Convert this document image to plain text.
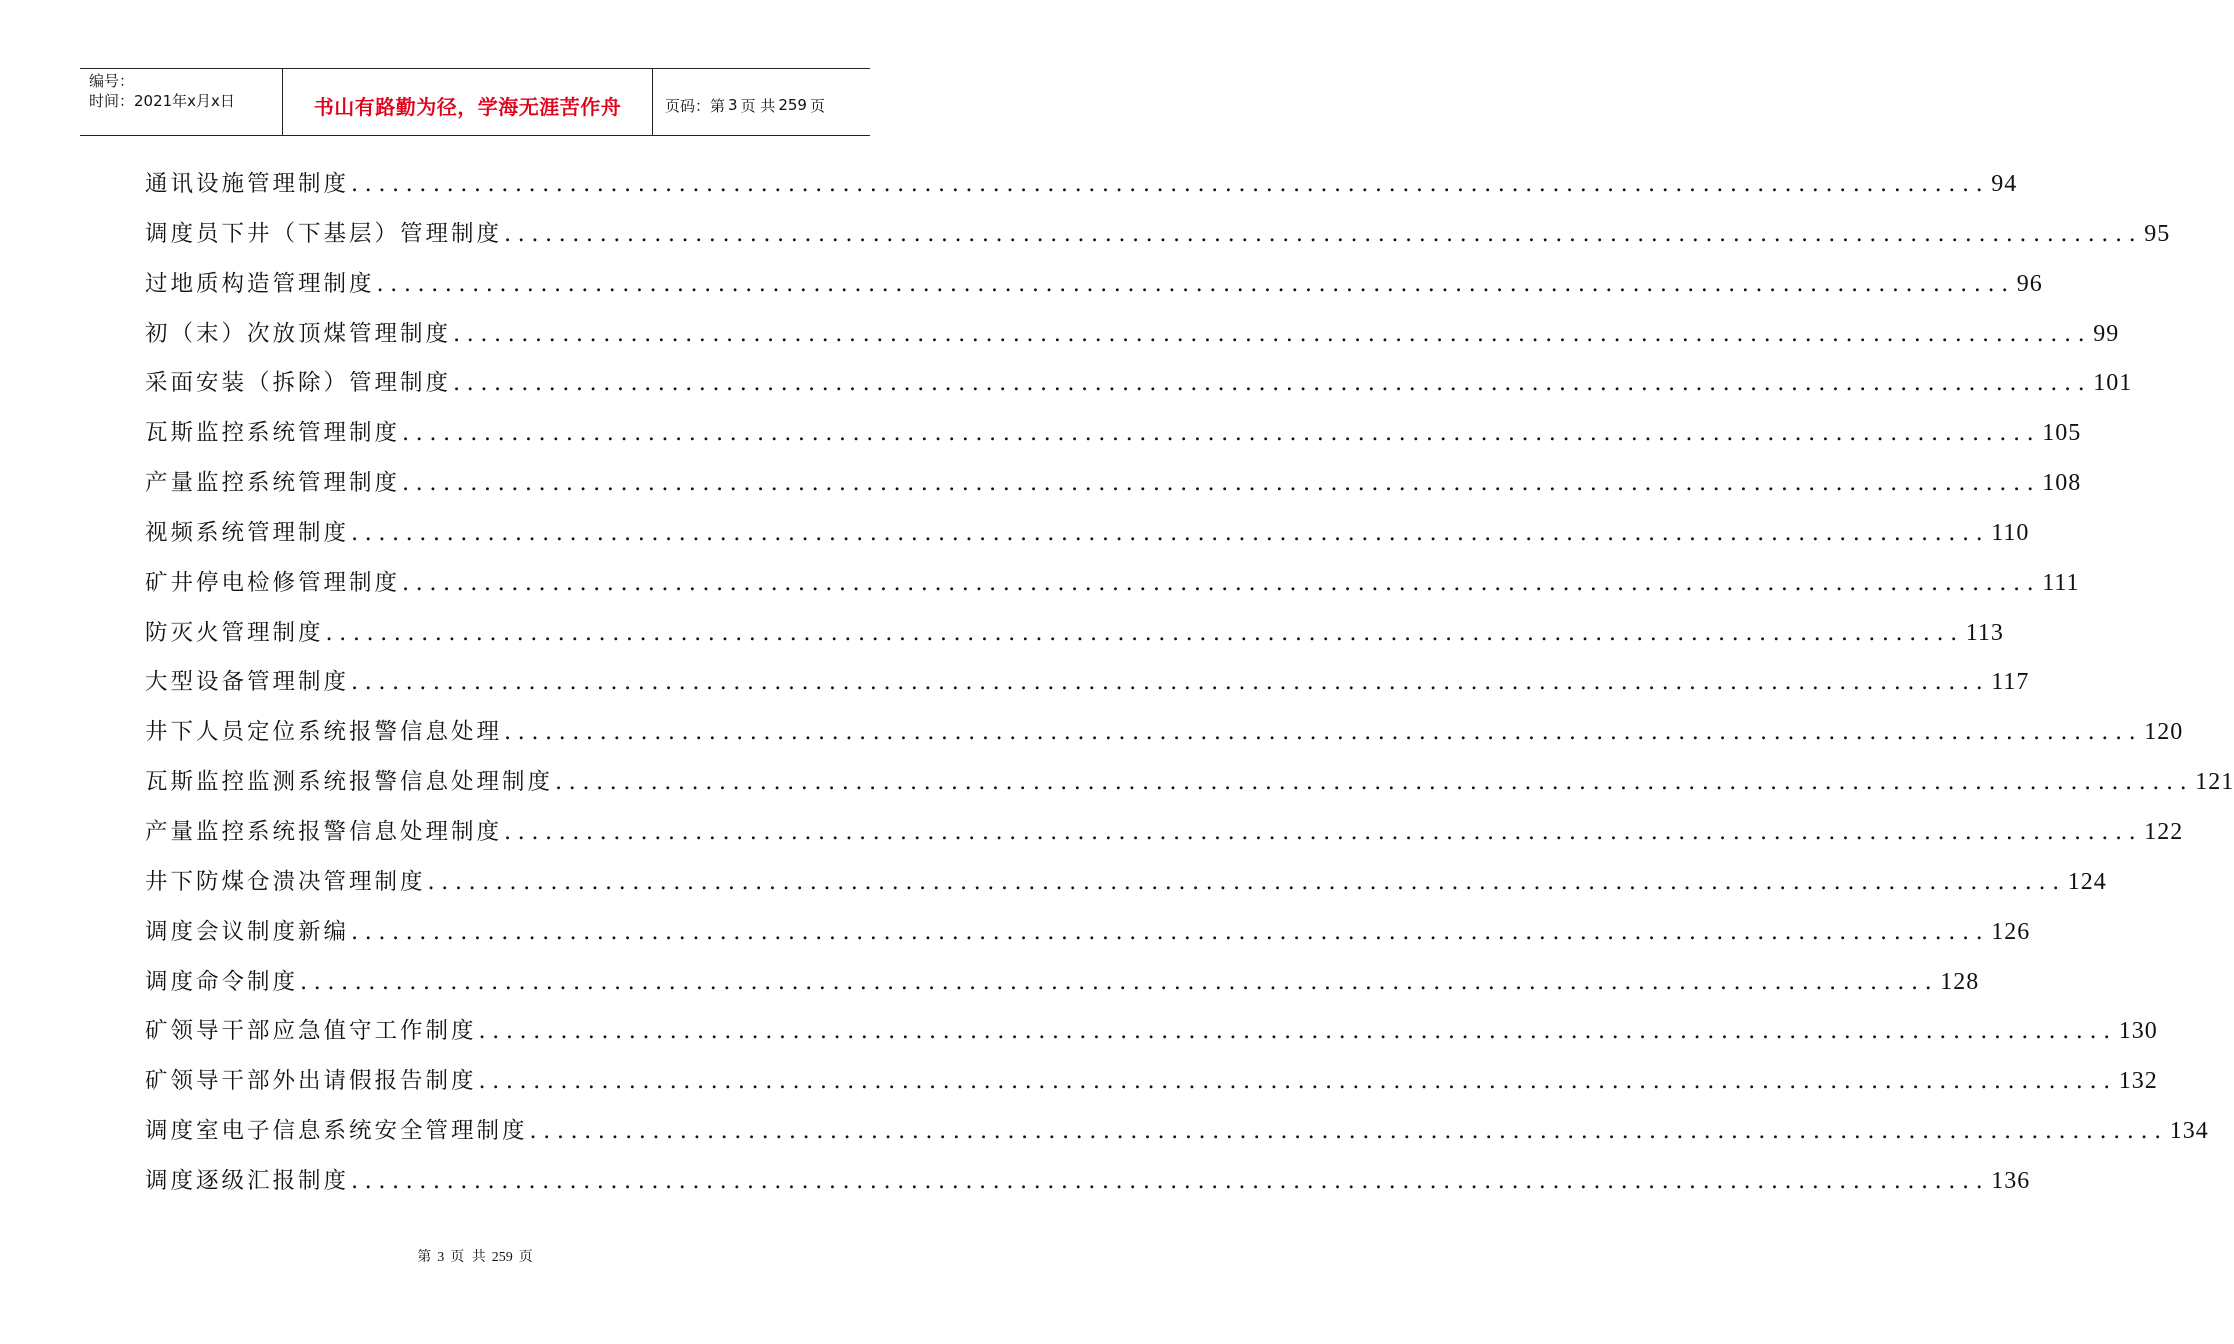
编号：
时间：2021年x月x日	书山有路勤为径，学海无涯苦作舟	页码：第 3 页 共 259 页
通讯设施管理制度 ........................................................................................................................ 94
调度员下井（下基层）管理制度 ........................................................................................................................ 95
过地质构造管理制度 ........................................................................................................................ 96
初（末）次放顶煤管理制度 ........................................................................................................................ 99
采面安装（拆除）管理制度 ........................................................................................................................ 101
瓦斯监控系统管理制度 ........................................................................................................................ 105
产量监控系统管理制度 ........................................................................................................................ 108
视频系统管理制度 ........................................................................................................................ 110
矿井停电检修管理制度 ........................................................................................................................ 111
防灭火管理制度 ........................................................................................................................ 113
大型设备管理制度 ........................................................................................................................ 117
井下人员定位系统报警信息处理 ........................................................................................................................ 120
瓦斯监控监测系统报警信息处理制度 ........................................................................................................................ 121
产量监控系统报警信息处理制度 ........................................................................................................................ 122
井下防煤仓溃决管理制度 ........................................................................................................................ 124
调度会议制度新编 ........................................................................................................................ 126
调度命令制度 ........................................................................................................................ 128
矿领导干部应急值守工作制度 ........................................................................................................................ 130
矿领导干部外出请假报告制度 ........................................................................................................................ 132
调度室电子信息系统安全管理制度 ........................................................................................................................ 134
调度逐级汇报制度 ........................................................................................................................ 136
第 3 页 共 259 页
